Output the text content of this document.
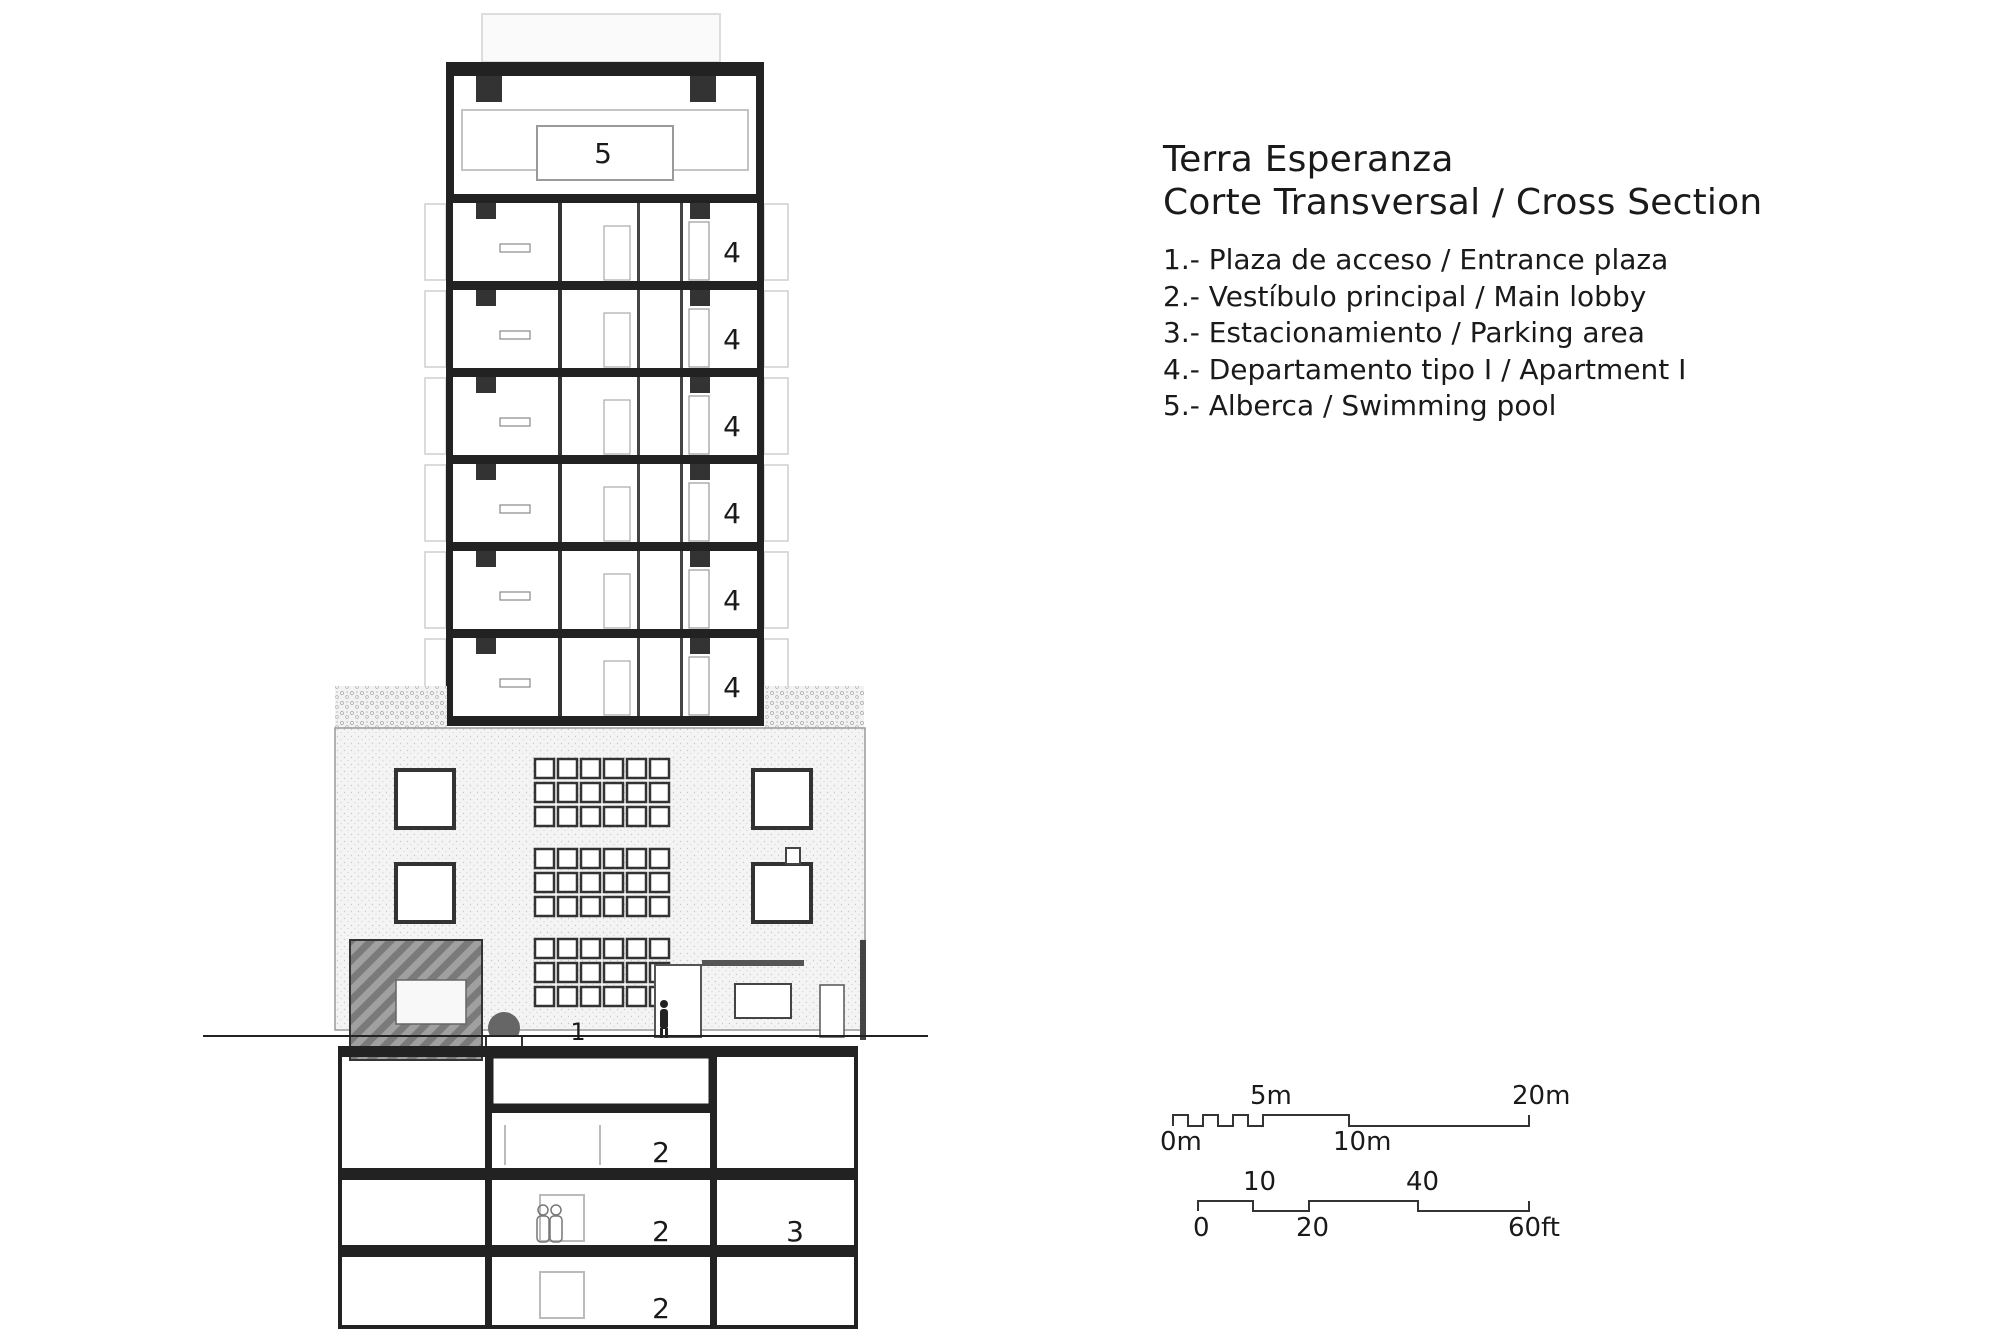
5
4
4
4
4
4
4
1
2
2	3
2
0m
5m
10m
20m
0
10
20
40
60ft
Terra Esperanza
Corte Transversal / Cross Section
1.- Plaza de acceso / Entrance plaza
2.- Vestíbulo principal / Main lobby
3.- Estacionamiento / Parking area
4.- Departamento tipo I / Apartment I
5.- Alberca / Swimming pool
